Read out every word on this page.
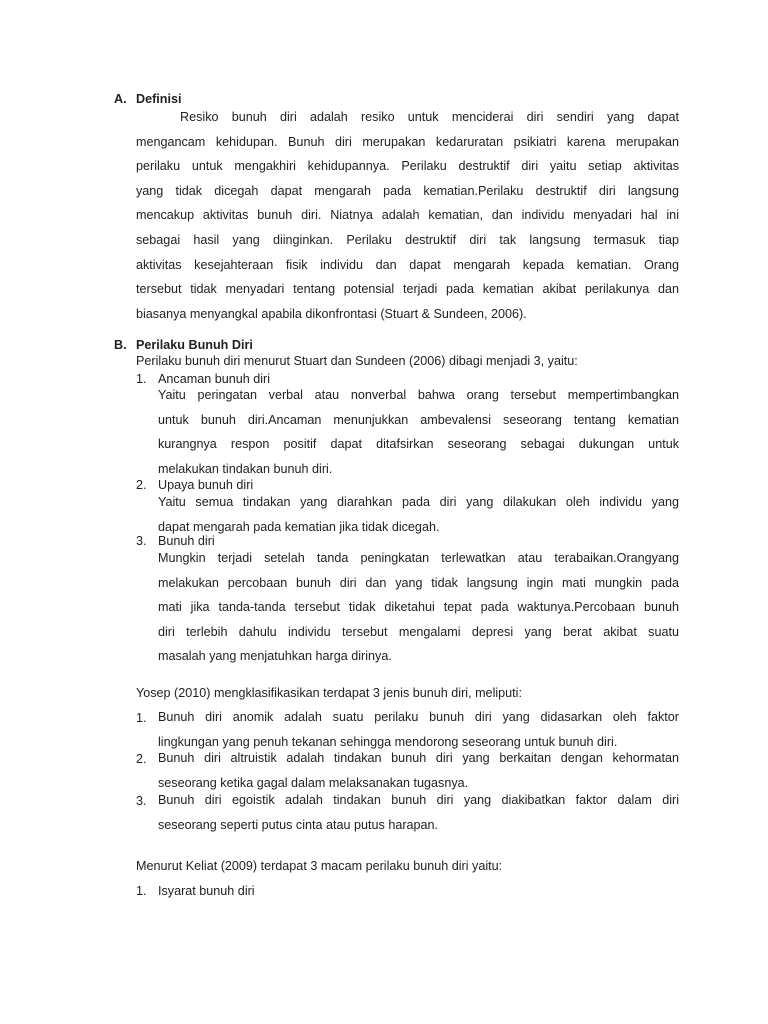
A. Definisi

Resiko bunuh diri adalah resiko untuk menciderai diri sendiri yang dapat

mengancam kehidupan. Bunuh diri merupakan kedaruratan psikiatri karena merupakan

perilaku untuk mengakhiri kehidupannya. Perilaku destruktif diri yaitu setiap aktivitas

yang tidak dicegah dapat mengarah pada kematian.Perilaku destruktif diri langsung

mencakup aktivitas bunuh diri. Niatnya adalah kematian, dan individu menyadari hal ini

sebagai hasil yang diinginkan. Perilaku destruktif diri tak langsung termasuk tiap

aktivitas kesejahteraan fisik individu dan dapat mengarah kepada kematian. Orang

tersebut tidak menyadari tentang potensial terjadi pada kematian akibat perilakunya dan

biasanya menyangkal apabila dikonfrontasi (Stuart & Sundeen, 2006).

B. Perilaku Bunuh Diri
Perilaku bunuh diri menurut Stuart dan Sundeen (2006) dibagi menjadi 3, yaitu:
1. Ancaman bunuh diri

Yaitu peringatan verbal atau nonverbal bahwa orang tersebut mempertimbangkan

untuk bunuh diri.Ancaman menunjukkan ambevalensi seseorang tentang kematian

kurangnya respon positif dapat ditafsirkan seseorang sebagai dukungan untuk

melakukan tindakan bunuh diri.

2. Upaya bunuh diri

Yaitu semua tindakan yang diarahkan pada diri yang dilakukan oleh individu yang

dapat mengarah pada kematian jika tidak dicegah.

3. Bunuh diri

Mungkin terjadi setelah tanda peningkatan terlewatkan atau terabaikan.Orangyang

melakukan percobaan bunuh diri dan yang tidak langsung ingin mati mungkin pada

mati jika tanda-tanda tersebut tidak diketahui tepat pada waktunya.Percobaan bunuh

diri terlebih dahulu individu tersebut mengalami depresi yang berat akibat suatu

masalah yang menjatuhkan harga dirinya.

Yosep (2010) mengklasifikasikan terdapat 3 jenis bunuh diri, meliputi:
1. Bunuh diri anomik adalah suatu perilaku bunuh diri yang didasarkan oleh faktor

lingkungan yang penuh tekanan sehingga mendorong seseorang untuk bunuh diri.

2. Bunuh diri altruistik adalah tindakan bunuh diri yang berkaitan dengan kehormatan

seseorang ketika gagal dalam melaksanakan tugasnya.

3. Bunuh diri egoistik adalah tindakan bunuh diri yang diakibatkan faktor dalam diri

seseorang seperti putus cinta atau putus harapan.

Menurut Keliat (2009) terdapat 3 macam perilaku bunuh diri yaitu:
1. Isyarat bunuh diri
